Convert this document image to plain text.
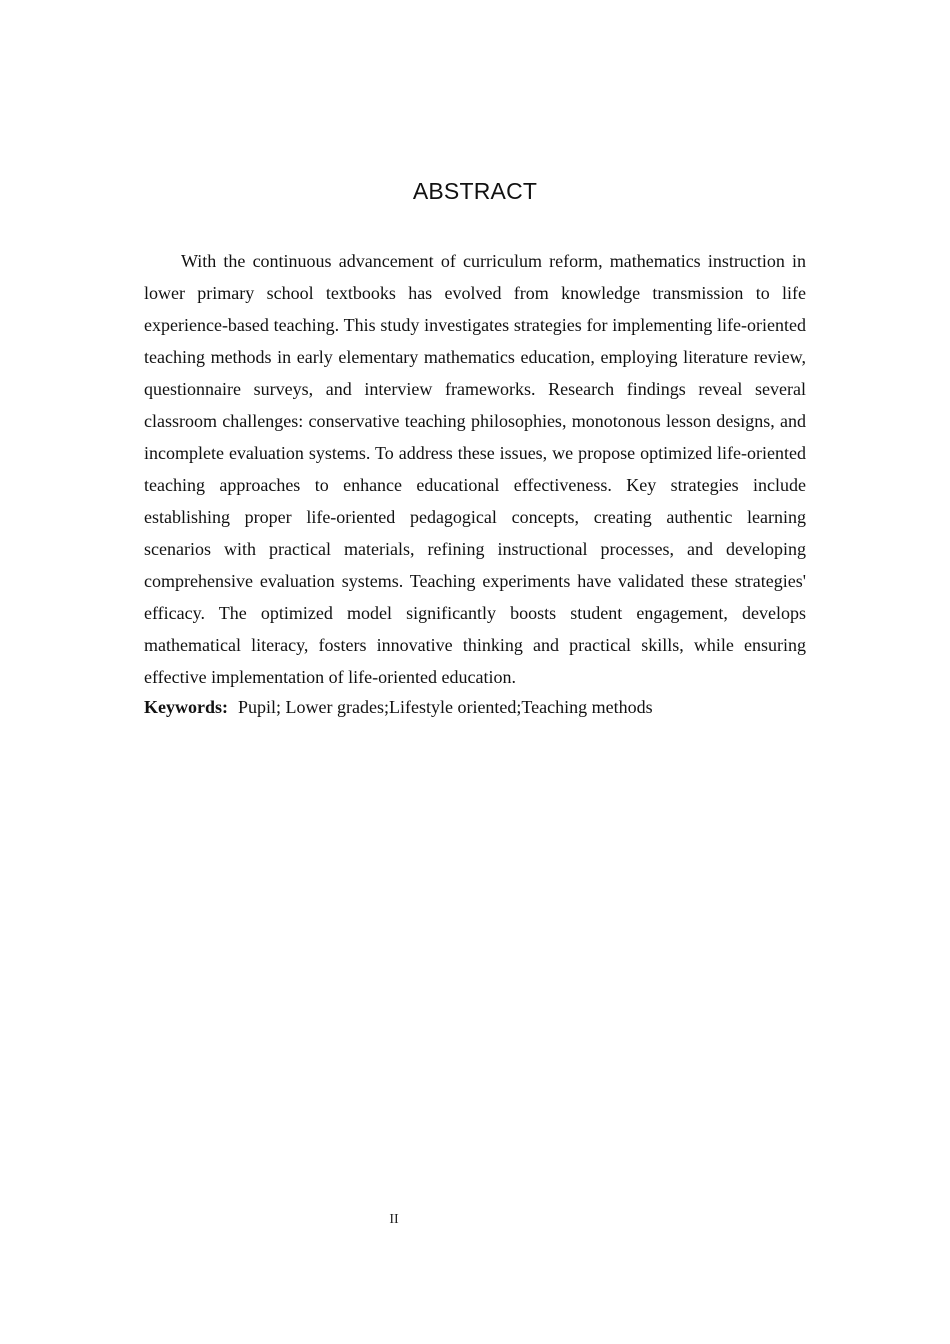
ABSTRACT

With the continuous advancement of curriculum reform, mathematics instruction in lower primary school textbooks has evolved from knowledge transmission to life experience-based teaching. This study investigates strategies for implementing life-oriented teaching methods in early elementary mathematics education, employing literature review, questionnaire surveys, and interview frameworks. Research findings reveal several classroom challenges: conservative teaching philosophies, monotonous lesson designs, and incomplete evaluation systems. To address these issues, we propose optimized life-oriented teaching approaches to enhance educational effectiveness. Key strategies include establishing proper life-oriented pedagogical concepts, creating authentic learning scenarios with practical materials, refining instructional processes, and developing comprehensive evaluation systems. Teaching experiments have validated these strategies' efficacy. The optimized model significantly boosts student engagement, develops mathematical literacy, fosters innovative thinking and practical skills, while ensuring effective implementation of life-oriented education.

Keywords: Pupil; Lower grades;Lifestyle oriented;Teaching methods

II
